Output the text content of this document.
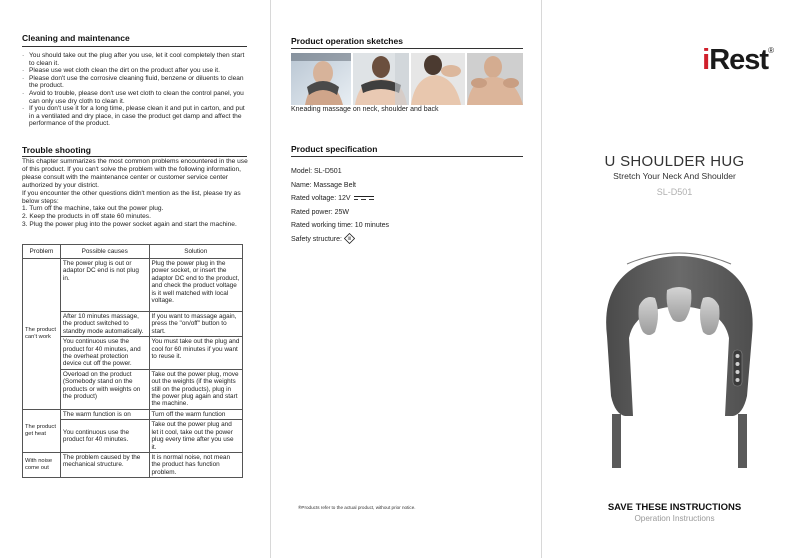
Cleaning and maintenance
· You should take out the plug after you use, let it cool completely then start to clean it.
· Please use wet cloth clean the dirt on the product after you use it.
· Please don't use the corrosive cleaning fluid, benzene or diluents to clean the product.
· Avoid to trouble, please don't use wet cloth to clean the control panel, you can only use dry cloth to clean it.
· If you don't use it for a long time, please clean it and put in carton, and put in a ventilated and dry place, in case the product get damp and affect the performance of the product.
Trouble shooting
This chapter summarizes the most common problems encountered in the use of this product. If you can't solve the problem with the following information, please consult with the maintenance center or customer service center authorized by your district.
If you encounter the other questions didn't mention as the list, please try as below steps:
1. Turn off the machine, take out the power plug.
2. Keep the products in off state 60 minutes.
3. Plug the power plug into the power socket again and start the machine.
Problem	Possible causes	Solution
The product can't work	The power plug is out or adaptor DC end is not plug in.	Plug the power plug in the power socket, or insert the adaptor DC end to the product, and check the product voltage is it well matched with local voltage.
	After 10 minutes massage, the product switched to standby mode automatically.	If you want to massage again, press the "on/off" button to start.
	You continuous use the product for 40 minutes, and the overheat protection device cut off the power.	You must take out the plug and cool for 60 minutes if you want to reuse it.
	Overload on the product (Somebody stand on the products or with weights on the product)	Take out the power plug, move out the weights (if the weights still on the products), plug in the power plug again and start the machine.
The product get heat	The warm function is on	Turn off the warm function
	You continuous use the product for 40 minutes.	Take out the power plug and let it cool, take out the power plug every time after you use it.
With noise come out	The problem caused by the mechanical structure.	It is normal noise, not mean the product has function problem.
Product operation sketches
Kneading massage on neck, shoulder and back
Product specification
Model: SL-D501
Name: Massage Belt
Rated voltage: 12V
Rated power: 25W
Rated working time: 10 minutes
Safety structure: III
®Products refer to the actual product, without prior notice.
iRest®
U SHOULDER HUG
Stretch Your Neck And Shoulder
SL-D501
SAVE THESE INSTRUCTIONS
Operation Instructions
